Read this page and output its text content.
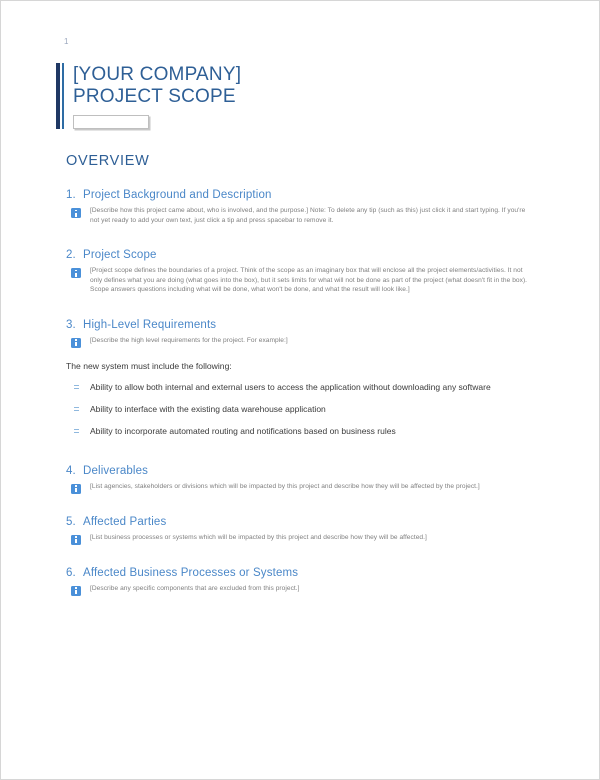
1
[YOUR COMPANY]
PROJECT SCOPE
OVERVIEW
1. Project Background and Description
[Describe how this project came about, who is involved, and the purpose.] Note: To delete any tip (such as this) just click it and start typing. If you're not yet ready to add your own text, just click a tip and press spacebar to remove it.
2. Project Scope
[Project scope defines the boundaries of a project. Think of the scope as an imaginary box that will enclose all the project elements/activities. It not only defines what you are doing (what goes into the box), but it sets limits for what will not be done as part of the project (what doesn't fit in the box). Scope answers questions including what will be done, what won't be done, and what the result will look like.]
3. High-Level Requirements
[Describe the high level requirements for the project. For example:]
The new system must include the following:
Ability to allow both internal and external users to access the application without downloading any software
Ability to interface with the existing data warehouse application
Ability to incorporate automated routing and notifications based on business rules
4. Deliverables
[List agencies, stakeholders or divisions which will be impacted by this project and describe how they will be affected by the project.]
5. Affected Parties
[List business processes or systems which will be impacted by this project and describe how they will be affected.]
6. Affected Business Processes or Systems
[Describe any specific components that are excluded from this project.]
